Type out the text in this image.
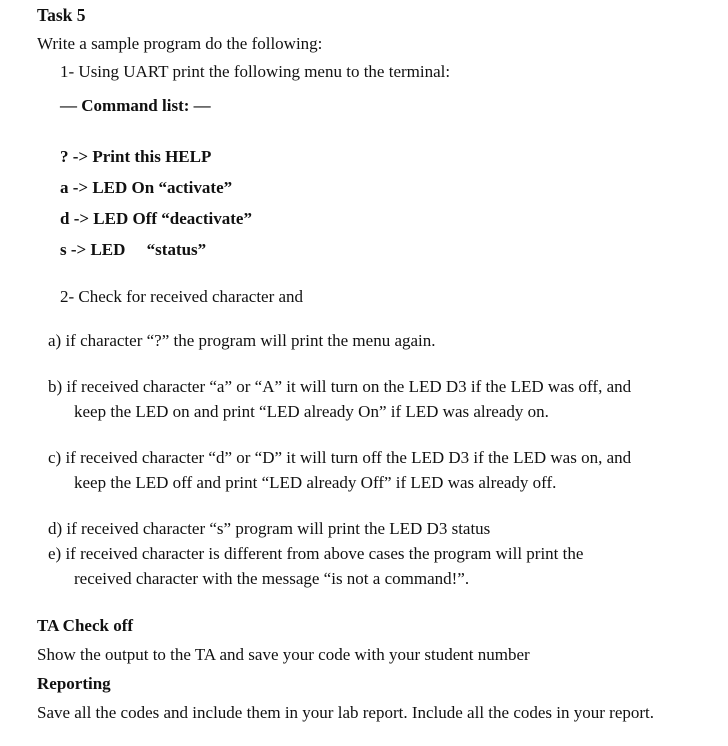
Task 5
Write a sample program do the following:
1- Using UART print the following menu to the terminal:
— Command list: —
? -> Print this HELP
a -> LED On “activate”
d -> LED Off “deactivate”
s -> LED     “status”
2- Check for received character and
a) if character “?” the program will print the menu again.
b) if received character “a” or “A” it will turn on the LED D3 if the LED was off, and
keep the LED on and print “LED already On” if LED was already on.
c) if received character “d” or “D” it will turn off the LED D3 if the LED was on, and
keep the LED off and print “LED already Off” if LED was already off.
d) if received character “s” program will print the LED D3 status
e) if received character is different from above cases the program will print the
received character with the message “is not a command!”.
TA Check off
Show the output to the TA and save your code with your student number
Reporting
Save all the codes and include them in your lab report. Include all the codes in your report.
